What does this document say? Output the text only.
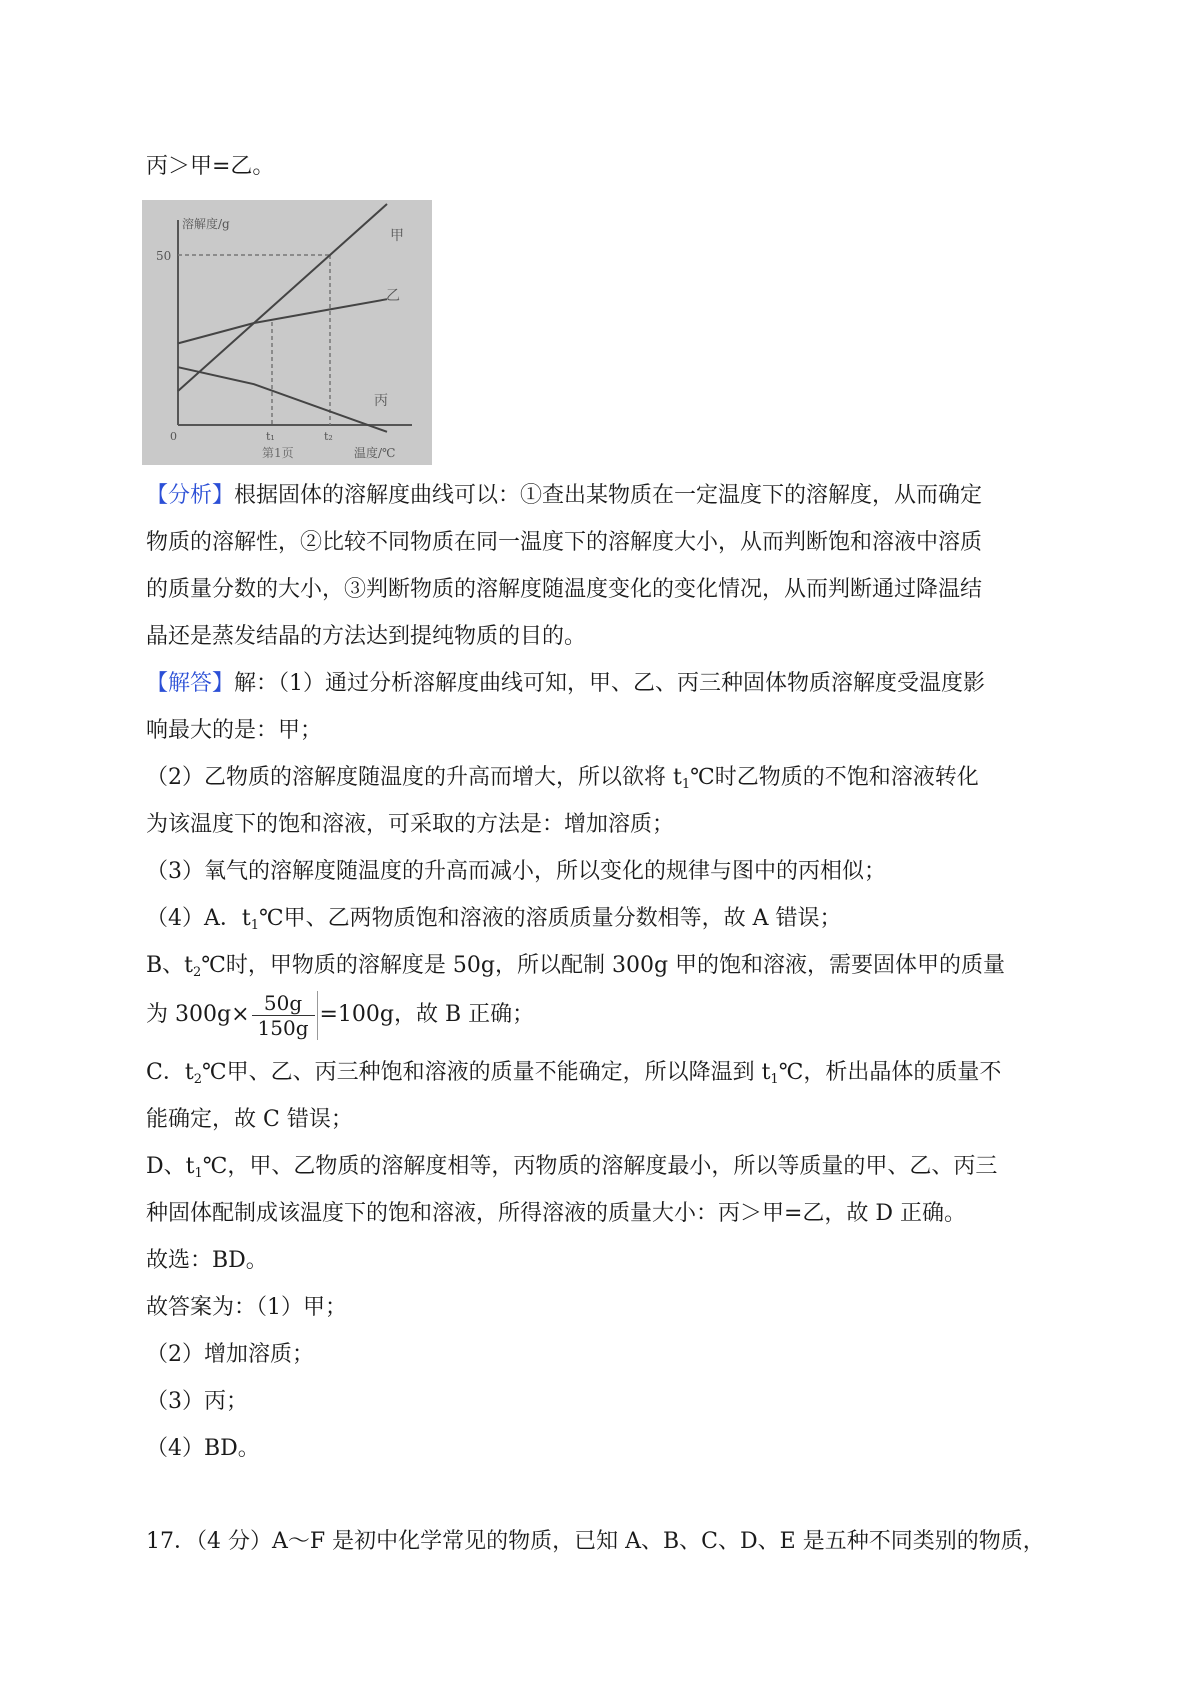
丙＞甲=乙。
溶解度/g
50
0	t₁	t₂
温度/℃
第1页
甲
乙
丙
【分析】根据固体的溶解度曲线可以：①查出某物质在一定温度下的溶解度，从而确定
物质的溶解性，②比较不同物质在同一温度下的溶解度大小，从而判断饱和溶液中溶质
的质量分数的大小，③判断物质的溶解度随温度变化的变化情况，从而判断通过降温结
晶还是蒸发结晶的方法达到提纯物质的目的。
【解答】解：（1）通过分析溶解度曲线可知，甲、乙、丙三种固体物质溶解度受温度影
响最大的是：甲；
（2）乙物质的溶解度随温度的升高而增大，所以欲将 $t_1℃$时乙物质的不饱和溶液转化
为该温度下的饱和溶液，可采取的方法是：增加溶质；
（3）氧气的溶解度随温度的升高而减小，所以变化的规律与图中的丙相似；
（4）A．$t_1℃$甲、乙两物质饱和溶液的溶质质量分数相等，故 A 错误；
B、$t_2℃$时，甲物质的溶解度是 50g，所以配制 300g 甲的饱和溶液，需要固体甲的质量
为 $300g\times \frac{50g}{150g} =100g$，故 B 正确；
C．$t_2℃$甲、乙、丙三种饱和溶液的质量不能确定，所以降温到 $t_1℃$，析出晶体的质量不
能确定，故 C 错误；
D、$t_1℃$，甲、乙物质的溶解度相等，丙物质的溶解度最小，所以等质量的甲、乙、丙三
种固体配制成该温度下的饱和溶液，所得溶液的质量大小：丙＞甲=乙，故 D 正确。
故选：BD。
故答案为：（1）甲；
（2）增加溶质；
（3）丙；
（4）BD。
17．（4 分）A～F 是初中化学常见的物质，已知 A、B、C、D、E 是五种不同类别的物质，
